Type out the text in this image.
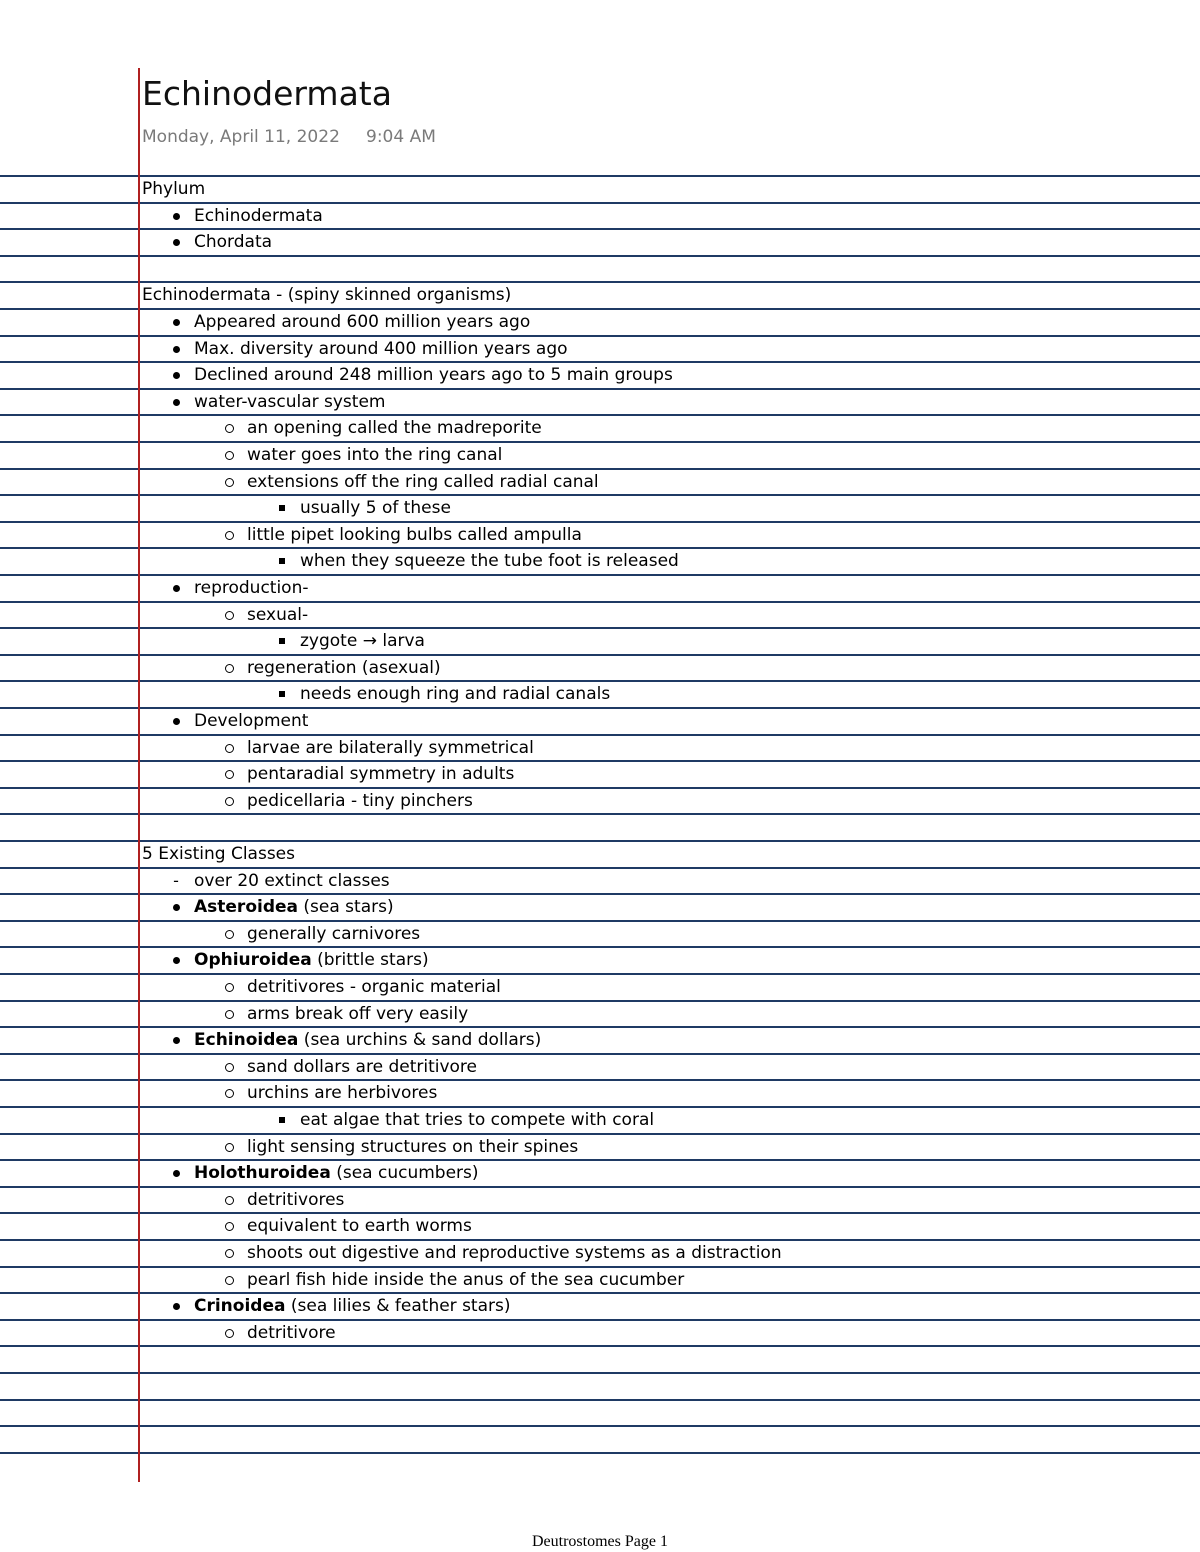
Echinodermata
Monday, April 11, 2022 9:04 AM
Phylum
Echinodermata
Chordata
Echinodermata - (spiny skinned organisms)
Appeared around 600 million years ago
Max. diversity around 400 million years ago
Declined around 248 million years ago to 5 main groups
water-vascular system
an opening called the madreporite
water goes into the ring canal
extensions off the ring called radial canal
usually 5 of these
little pipet looking bulbs called ampulla
when they squeeze the tube foot is released
reproduction-
sexual-
zygote → larva
regeneration (asexual)
needs enough ring and radial canals
Development
larvae are bilaterally symmetrical
pentaradial symmetry in adults
pedicellaria - tiny pinchers
5 Existing Classes
-
over 20 extinct classes
Asteroidea (sea stars)
generally carnivores
Ophiuroidea (brittle stars)
detritivores - organic material
arms break off very easily
Echinoidea (sea urchins & sand dollars)
sand dollars are detritivore
urchins are herbivores
eat algae that tries to compete with coral
light sensing structures on their spines
Holothuroidea (sea cucumbers)
detritivores
equivalent to earth worms
shoots out digestive and reproductive systems as a distraction
pearl fish hide inside the anus of the sea cucumber
Crinoidea (sea lilies & feather stars)
detritivore
Deutrostomes Page 1
